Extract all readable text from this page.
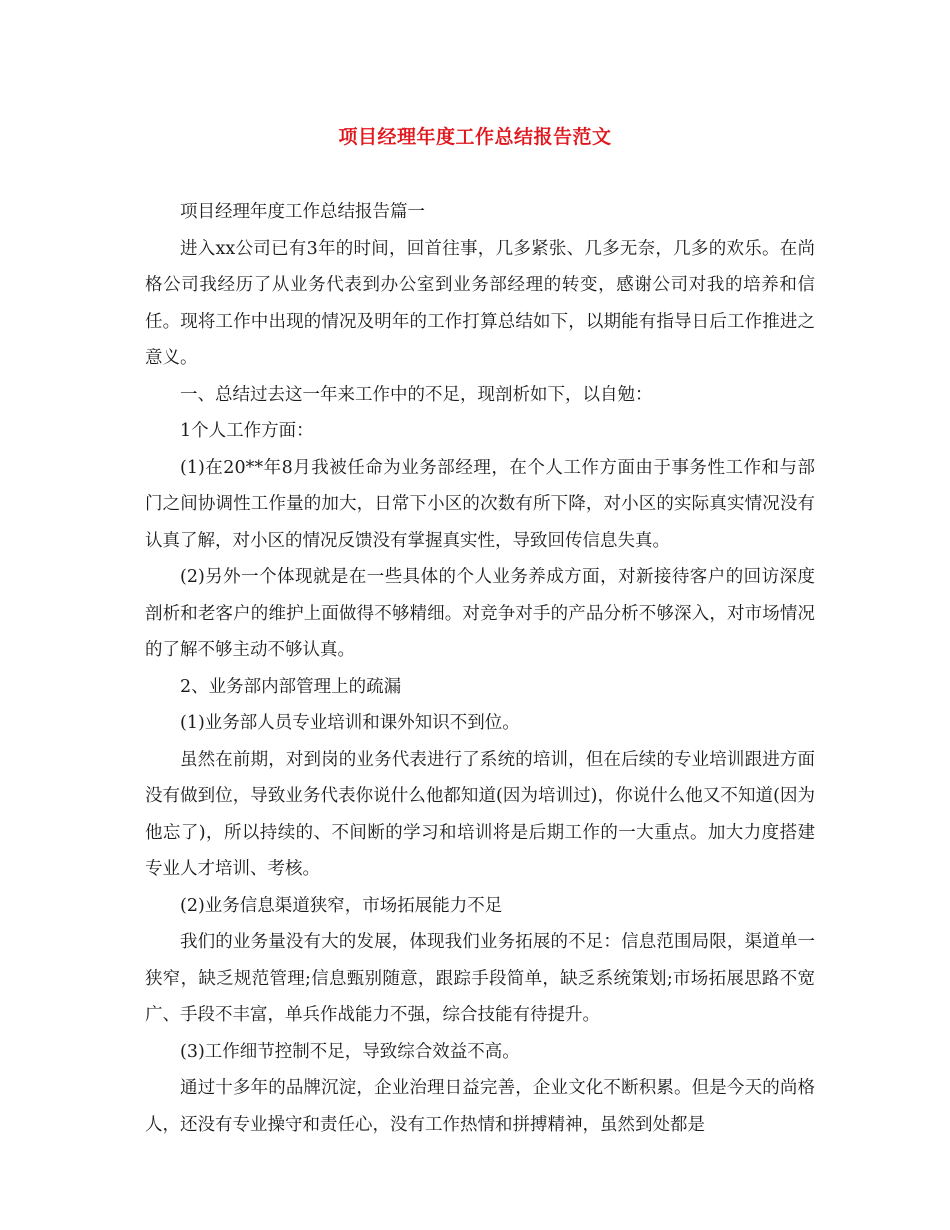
项目经理年度工作总结报告范文

项目经理年度工作总结报告篇一

进入xx公司已有3年的时间，回首往事，几多紧张、几多无奈，几多的欢乐。在尚格公司我经历了从业务代表到办公室到业务部经理的转变，感谢公司对我的培养和信任。现将工作中出现的情况及明年的工作打算总结如下，以期能有指导日后工作推进之意义。

一、总结过去这一年来工作中的不足，现剖析如下，以自勉：

1个人工作方面：

(1)在20**年8月我被任命为业务部经理，在个人工作方面由于事务性工作和与部门之间协调性工作量的加大，日常下小区的次数有所下降，对小区的实际真实情况没有认真了解，对小区的情况反馈没有掌握真实性，导致回传信息失真。

(2)另外一个体现就是在一些具体的个人业务养成方面，对新接待客户的回访深度剖析和老客户的维护上面做得不够精细。对竞争对手的产品分析不够深入，对市场情况的了解不够主动不够认真。

2、业务部内部管理上的疏漏

(1)业务部人员专业培训和课外知识不到位。

虽然在前期，对到岗的业务代表进行了系统的培训，但在后续的专业培训跟进方面没有做到位，导致业务代表你说什么他都知道(因为培训过)，你说什么他又不知道(因为他忘了)，所以持续的、不间断的学习和培训将是后期工作的一大重点。加大力度搭建专业人才培训、考核。

(2)业务信息渠道狭窄，市场拓展能力不足

我们的业务量没有大的发展，体现我们业务拓展的不足：信息范围局限，渠道单一狭窄，缺乏规范管理;信息甄别随意，跟踪手段简单，缺乏系统策划;市场拓展思路不宽广、手段不丰富，单兵作战能力不强，综合技能有待提升。

(3)工作细节控制不足，导致综合效益不高。

通过十多年的品牌沉淀，企业治理日益完善，企业文化不断积累。但是今天的尚格人，还没有专业操守和责任心，没有工作热情和拼搏精神，虽然到处都是
